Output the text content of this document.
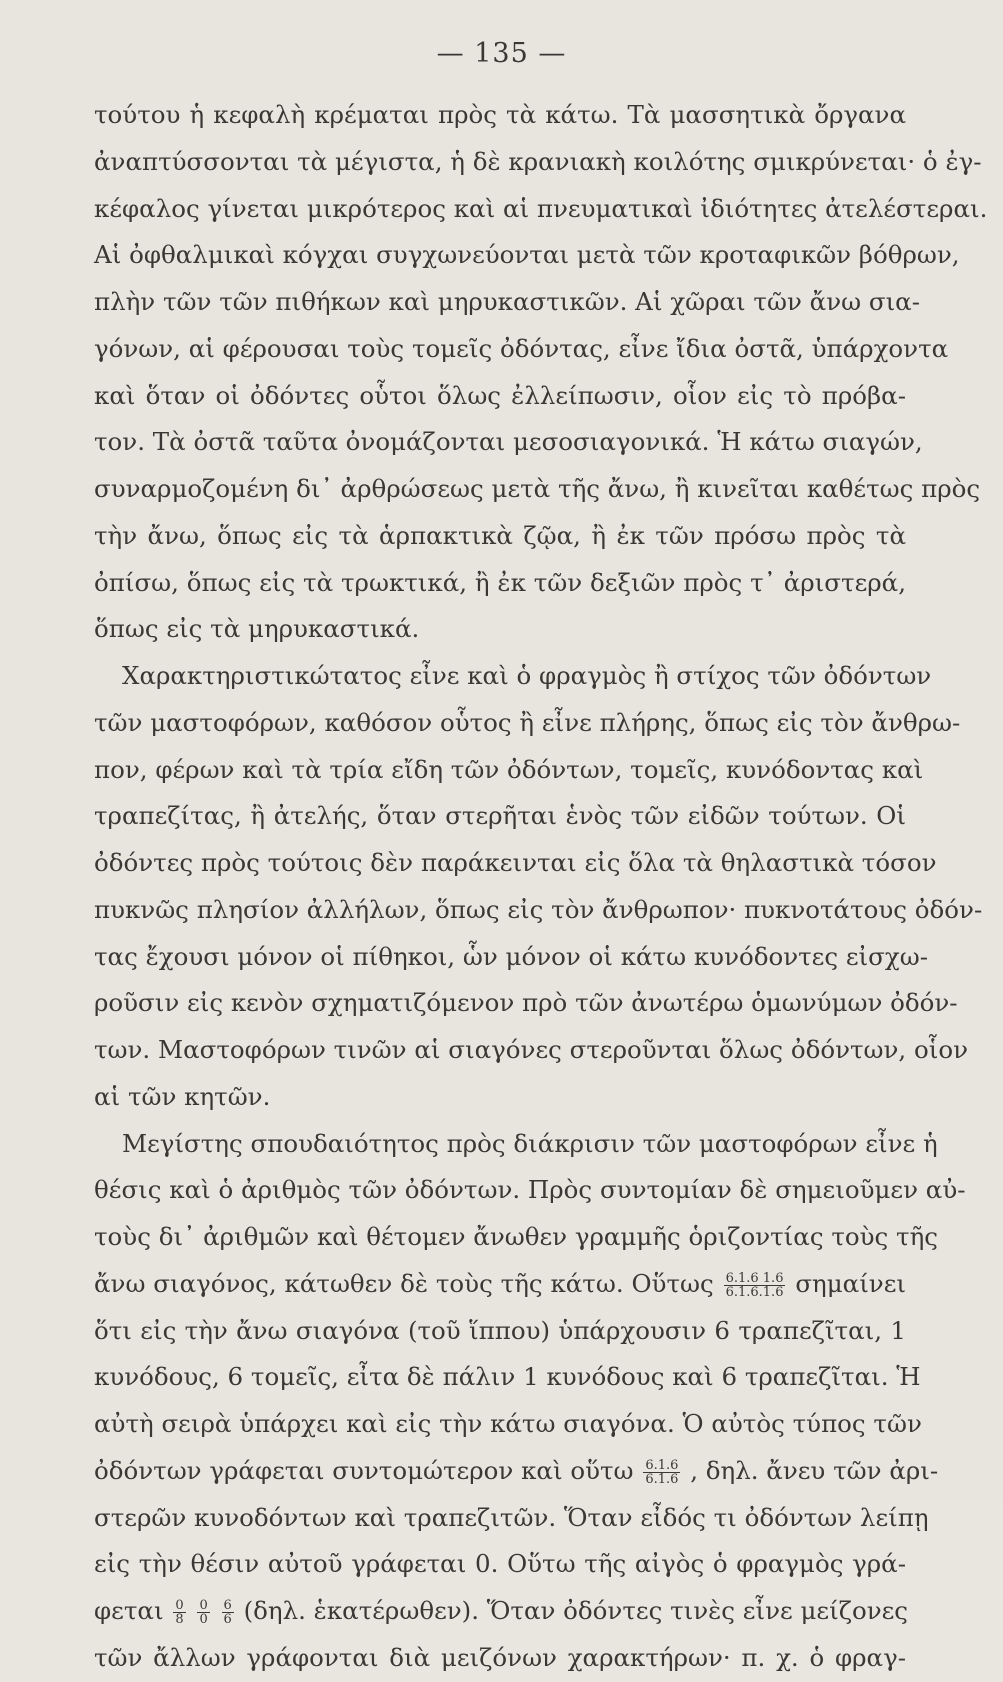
— 135 —
τούτου ἡ κεφαλὴ κρέμαται πρὸς τὰ κάτω. Τὰ μασσητικὰ ὄργανα
ἀναπτύσσονται τὰ μέγιστα, ἡ δὲ κρανιακὴ κοιλότης σμικρύνεται· ὁ ἐγ-
κέφαλος γίνεται μικρότερος καὶ αἱ πνευματικαὶ ἰδιότητες ἀτελέστεραι.
Αἱ ὀφθαλμικαὶ κόγχαι συγχωνεύονται μετὰ τῶν κροταφικῶν βόθρων,
πλὴν τῶν τῶν πιθήκων καὶ μηρυκαστικῶν. Αἱ χῶραι τῶν ἄνω σια-
γόνων, αἱ φέρουσαι τοὺς τομεῖς ὀδόντας, εἶνε ἴδια ὀστᾶ, ὑπάρχοντα
καὶ ὅταν οἱ ὀδόντες οὗτοι ὅλως ἐλλείπωσιν, οἷον εἰς τὸ πρόβα-
τον. Τὰ ὀστᾶ ταῦτα ὀνομάζονται μεσοσιαγονικά. Ἡ κάτω σιαγών,
συναρμοζομένη δι᾿ ἀρθρώσεως μετὰ τῆς ἄνω, ἢ κινεῖται καθέτως πρὸς
τὴν ἄνω, ὅπως εἰς τὰ ἁρπακτικὰ ζῷα, ἢ ἐκ τῶν πρόσω πρὸς τὰ
ὀπίσω, ὅπως εἰς τὰ τρωκτικά, ἢ ἐκ τῶν δεξιῶν πρὸς τ᾿ ἀριστερά,
ὅπως εἰς τὰ μηρυκαστικά.
Χαρακτηριστικώτατος εἶνε καὶ ὁ φραγμὸς ἢ στίχος τῶν ὀδόντων
τῶν μαστοφόρων, καθόσον οὗτος ἢ εἶνε πλήρης, ὅπως εἰς τὸν ἄνθρω-
πον, φέρων καὶ τὰ τρία εἴδη τῶν ὀδόντων, τομεῖς, κυνόδοντας καὶ
τραπεζίτας, ἢ ἀτελής, ὅταν στερῆται ἑνὸς τῶν εἰδῶν τούτων. Οἱ
ὀδόντες πρὸς τούτοις δὲν παράκεινται εἰς ὅλα τὰ θηλαστικὰ τόσον
πυκνῶς πλησίον ἀλλήλων, ὅπως εἰς τὸν ἄνθρωπον· πυκνοτάτους ὀδόν-
τας ἔχουσι μόνον οἱ πίθηκοι, ὧν μόνον οἱ κάτω κυνόδοντες εἰσχω-
ροῦσιν εἰς κενὸν σχηματιζόμενον πρὸ τῶν ἀνωτέρω ὁμωνύμων ὀδόν-
των. Μαστοφόρων τινῶν αἱ σιαγόνες στεροῦνται ὅλως ὀδόντων, οἷον
αἱ τῶν κητῶν.
Μεγίστης σπουδαιότητος πρὸς διάκρισιν τῶν μαστοφόρων εἶνε ἡ
θέσις καὶ ὁ ἀριθμὸς τῶν ὀδόντων. Πρὸς συντομίαν δὲ σημειοῦμεν αὐ-
τοὺς δι᾿ ἀριθμῶν καὶ θέτομεν ἄνωθεν γραμμῆς ὁριζοντίας τοὺς τῆς
ἄνω σιαγόνος, κάτωθεν δὲ τοὺς τῆς κάτω. Οὕτως $\frac{6.1.6 1.6}{6.1.6.1.6}$ σημαίνει
ὅτι εἰς τὴν ἄνω σιαγόνα (τοῦ ἵππου) ὑπάρχουσιν 6 τραπεζῖται, 1
κυνόδους, 6 τομεῖς, εἶτα δὲ πάλιν 1 κυνόδους καὶ 6 τραπεζῖται. Ἡ
αὐτὴ σειρὰ ὑπάρχει καὶ εἰς τὴν κάτω σιαγόνα. Ὁ αὐτὸς τύπος τῶν
ὀδόντων γράφεται συντομώτερον καὶ οὕτω $\frac{6.1.6}{6.1.6}$ , δηλ. ἄνευ τῶν ἀρι-
στερῶν κυνοδόντων καὶ τραπεζιτῶν. Ὅταν εἶδός τι ὀδόντων λείπῃ
εἰς τὴν θέσιν αὐτοῦ γράφεται 0. Οὕτω τῆς αἰγὸς ὁ φραγμὸς γρά-
φεται $\frac{0}{8}$
$\frac{0}{0}$
$\frac{6}{6} (\delta\eta\lambda$. ἑκατέρωθεν). Ὅταν ὀδόντες τινὲς εἶνε μείζονες
τῶν ἄλλων γράφονται διὰ μειζόνων χαρακτήρων· π. χ. ὁ φραγ-
